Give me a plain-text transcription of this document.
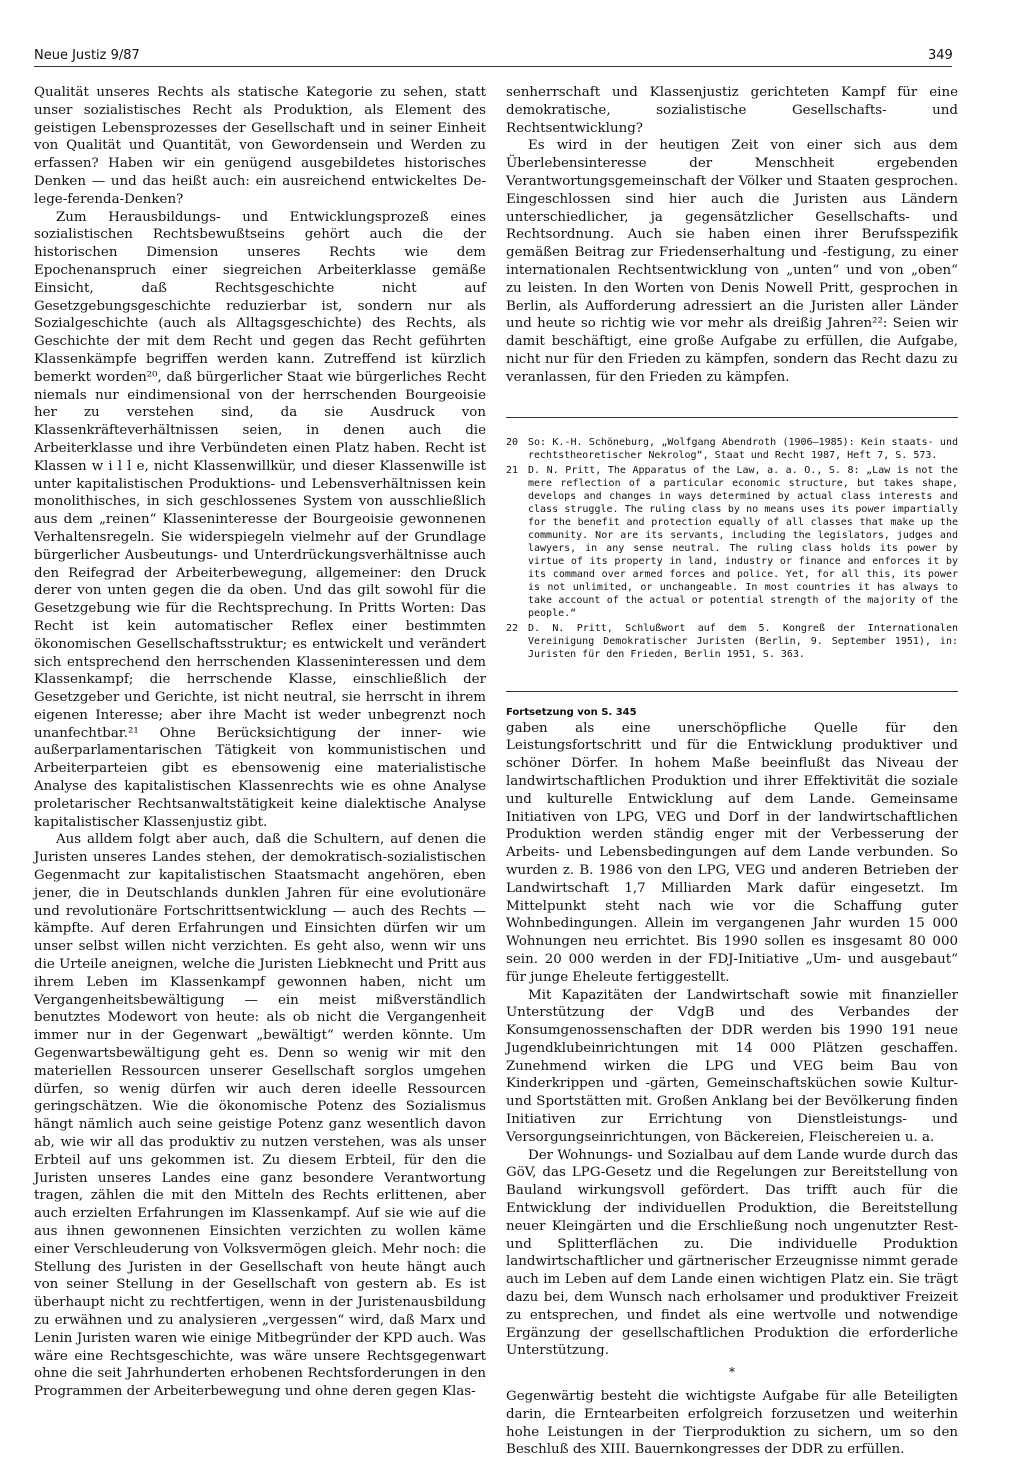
Neue Justiz 9/87	349

Qualität unseres Rechts als statische Kategorie zu sehen, statt unser sozialistisches Recht als Produktion, als Element des geistigen Lebensprozesses der Gesellschaft und in seiner Einheit von Qualität und Quantität, von Gewordensein und Werden zu erfassen? Haben wir ein genügend ausgebildetes historisches Denken — und das heißt auch: ein ausreichend entwickeltes De-lege-ferenda-Denken?

Zum Herausbildungs- und Entwicklungsprozeß eines sozialistischen Rechtsbewußtseins gehört auch die der historischen Dimension unseres Rechts wie dem Epochenanspruch einer siegreichen Arbeiterklasse gemäße Einsicht, daß Rechtsgeschichte nicht auf Gesetzgebungsgeschichte reduzierbar ist, sondern nur als Sozialgeschichte (auch als Alltagsgeschichte) des Rechts, als Geschichte der mit dem Recht und gegen das Recht geführten Klassenkämpfe begriffen werden kann. Zutreffend ist kürzlich bemerkt worden²⁰, daß bürgerlicher Staat wie bürgerliches Recht niemals nur eindimensional von der herrschenden Bourgeoisie her zu verstehen sind, da sie Ausdruck von Klassenkräfteverhältnissen seien, in denen auch die Arbeiterklasse und ihre Verbündeten einen Platz haben. Recht ist Klassen w i l l e, nicht Klassenwillkür, und dieser Klassenwille ist unter kapitalistischen Produktions- und Lebensverhältnissen kein monolithisches, in sich geschlossenes System von ausschließlich aus dem „reinen“ Klasseninteresse der Bourgeoisie gewonnenen Verhaltensregeln. Sie widerspiegeln vielmehr auf der Grundlage bürgerlicher Ausbeutungs- und Unterdrückungsverhältnisse auch den Reifegrad der Arbeiterbewegung, allgemeiner: den Druck derer von unten gegen die da oben. Und das gilt sowohl für die Gesetzgebung wie für die Rechtsprechung. In Pritts Worten: Das Recht ist kein automatischer Reflex einer bestimmten ökonomischen Gesellschaftsstruktur; es entwickelt und verändert sich entsprechend den herrschenden Klasseninteressen und dem Klassenkampf; die herrschende Klasse, einschließlich der Gesetzgeber und Gerichte, ist nicht neutral, sie herrscht in ihrem eigenen Interesse; aber ihre Macht ist weder unbegrenzt noch unanfechtbar.²¹ Ohne Berücksichtigung der inner- wie außerparlamentarischen Tätigkeit von kommunistischen und Arbeiterparteien gibt es ebensowenig eine materialistische Analyse des kapitalistischen Klassenrechts wie es ohne Analyse proletarischer Rechtsanwaltstätigkeit keine dialektische Analyse kapitalistischer Klassenjustiz gibt.

Aus alldem folgt aber auch, daß die Schultern, auf denen die Juristen unseres Landes stehen, der demokratisch-sozialistischen Gegenmacht zur kapitalistischen Staatsmacht angehören, eben jener, die in Deutschlands dunklen Jahren für eine evolutionäre und revolutionäre Fortschrittsentwicklung — auch des Rechts — kämpfte. Auf deren Erfahrungen und Einsichten dürfen wir um unser selbst willen nicht verzichten. Es geht also, wenn wir uns die Urteile aneignen, welche die Juristen Liebknecht und Pritt aus ihrem Leben im Klassenkampf gewonnen haben, nicht um Vergangenheitsbewältigung — ein meist mißverständlich benutztes Modewort von heute: als ob nicht die Vergangenheit immer nur in der Gegenwart „bewältigt“ werden könnte. Um Gegenwartsbewältigung geht es. Denn so wenig wir mit den materiellen Ressourcen unserer Gesellschaft sorglos umgehen dürfen, so wenig dürfen wir auch deren ideelle Ressourcen geringschätzen. Wie die ökonomische Potenz des Sozialismus hängt nämlich auch seine geistige Potenz ganz wesentlich davon ab, wie wir all das produktiv zu nutzen verstehen, was als unser Erbteil auf uns gekommen ist. Zu diesem Erbteil, für den die Juristen unseres Landes eine ganz besondere Verantwortung tragen, zählen die mit den Mitteln des Rechts erlittenen, aber auch erzielten Erfahrungen im Klassenkampf. Auf sie wie auf die aus ihnen gewonnenen Einsichten verzichten zu wollen käme einer Verschleuderung von Volksvermögen gleich. Mehr noch: die Stellung des Juristen in der Gesellschaft von heute hängt auch von seiner Stellung in der Gesellschaft von gestern ab. Es ist überhaupt nicht zu rechtfertigen, wenn in der Juristenausbildung zu erwähnen und zu analysieren „vergessen“ wird, daß Marx und Lenin Juristen waren wie einige Mitbegründer der KPD auch. Was wäre eine Rechtsgeschichte, was wäre unsere Rechtsgegenwart ohne die seit Jahrhunderten erhobenen Rechtsforderungen in den Programmen der Arbeiterbewegung und ohne deren gegen Klas-

senherrschaft und Klassenjustiz gerichteten Kampf für eine demokratische, sozialistische Gesellschafts- und Rechtsentwicklung?

Es wird in der heutigen Zeit von einer sich aus dem Überlebensinteresse der Menschheit ergebenden Verantwortungsgemeinschaft der Völker und Staaten gesprochen. Eingeschlossen sind hier auch die Juristen aus Ländern unterschiedlicher, ja gegensätzlicher Gesellschafts- und Rechtsordnung. Auch sie haben einen ihrer Berufsspezifik gemäßen Beitrag zur Friedenserhaltung und -festigung, zu einer internationalen Rechtsentwicklung von „unten“ und von „oben“ zu leisten. In den Worten von Denis Nowell Pritt, gesprochen in Berlin, als Aufforderung adressiert an die Juristen aller Länder und heute so richtig wie vor mehr als dreißig Jahren²²: Seien wir damit beschäftigt, eine große Aufgabe zu erfüllen, die Aufgabe, nicht nur für den Frieden zu kämpfen, sondern das Recht dazu zu veranlassen, für den Frieden zu kämpfen.

20 So: K.-H. Schöneburg, „Wolfgang Abendroth (1906—1985): Kein staats- und rechtstheoretischer Nekrolog“, Staat und Recht 1987, Heft 7, S. 573.
21 D. N. Pritt, The Apparatus of the Law, a. a. O., S. 8: „Law is not the mere reflection of a particular economic structure, but takes shape, develops and changes in ways determined by actual class interests and class struggle. The ruling class by no means uses its power impartially for the benefit and protection equally of all classes that make up the community. Nor are its servants, including the legislators, judges and lawyers, in any sense neutral. The ruling class holds its power by virtue of its property in land, industry or finance and enforces it by its command over armed forces and police. Yet, for all this, its power is not unlimited, or unchangeable. In most countries it has always to take account of the actual or potential strength of the majority of the people.“
22 D. N. Pritt, Schlußwort auf dem 5. Kongreß der Internationalen Vereinigung Demokratischer Juristen (Berlin, 9. September 1951), in: Juristen für den Frieden, Berlin 1951, S. 363.
Fortsetzung von S. 345

gaben als eine unerschöpfliche Quelle für den Leistungsfortschritt und für die Entwicklung produktiver und schöner Dörfer. In hohem Maße beeinflußt das Niveau der landwirtschaftlichen Produktion und ihrer Effektivität die soziale und kulturelle Entwicklung auf dem Lande. Gemeinsame Initiativen von LPG, VEG und Dorf in der landwirtschaftlichen Produktion werden ständig enger mit der Verbesserung der Arbeits- und Lebensbedingungen auf dem Lande verbunden. So wurden z. B. 1986 von den LPG, VEG und anderen Betrieben der Landwirtschaft 1,7 Milliarden Mark dafür eingesetzt. Im Mittelpunkt steht nach wie vor die Schaffung guter Wohnbedingungen. Allein im vergangenen Jahr wurden 15 000 Wohnungen neu errichtet. Bis 1990 sollen es insgesamt 80 000 sein. 20 000 werden in der FDJ-Initiative „Um- und ausgebaut“ für junge Eheleute fertiggestellt.

Mit Kapazitäten der Landwirtschaft sowie mit finanzieller Unterstützung der VdgB und des Verbandes der Konsumgenossenschaften der DDR werden bis 1990 191 neue Jugendklubeinrichtungen mit 14 000 Plätzen geschaffen. Zunehmend wirken die LPG und VEG beim Bau von Kinderkrippen und -gärten, Gemeinschaftsküchen sowie Kultur- und Sportstätten mit. Großen Anklang bei der Bevölkerung finden Initiativen zur Errichtung von Dienstleistungs- und Versorgungseinrichtungen, von Bäckereien, Fleischereien u. a.

Der Wohnungs- und Sozialbau auf dem Lande wurde durch das GöV, das LPG-Gesetz und die Regelungen zur Bereitstellung von Bauland wirkungsvoll gefördert. Das trifft auch für die Entwicklung der individuellen Produktion, die Bereitstellung neuer Kleingärten und die Erschließung noch ungenutzter Rest- und Splitterflächen zu. Die individuelle Produktion landwirtschaftlicher und gärtnerischer Erzeugnisse nimmt gerade auch im Leben auf dem Lande einen wichtigen Platz ein. Sie trägt dazu bei, dem Wunsch nach erholsamer und produktiver Freizeit zu entsprechen, und findet als eine wertvolle und notwendige Ergänzung der gesellschaftlichen Produktion die erforderliche Unterstützung.

*

Gegenwärtig besteht die wichtigste Aufgabe für alle Beteiligten darin, die Erntearbeiten erfolgreich forzusetzen und weiterhin hohe Leistungen in der Tierproduktion zu sichern, um so den Beschluß des XIII. Bauernkongresses der DDR zu erfüllen.
